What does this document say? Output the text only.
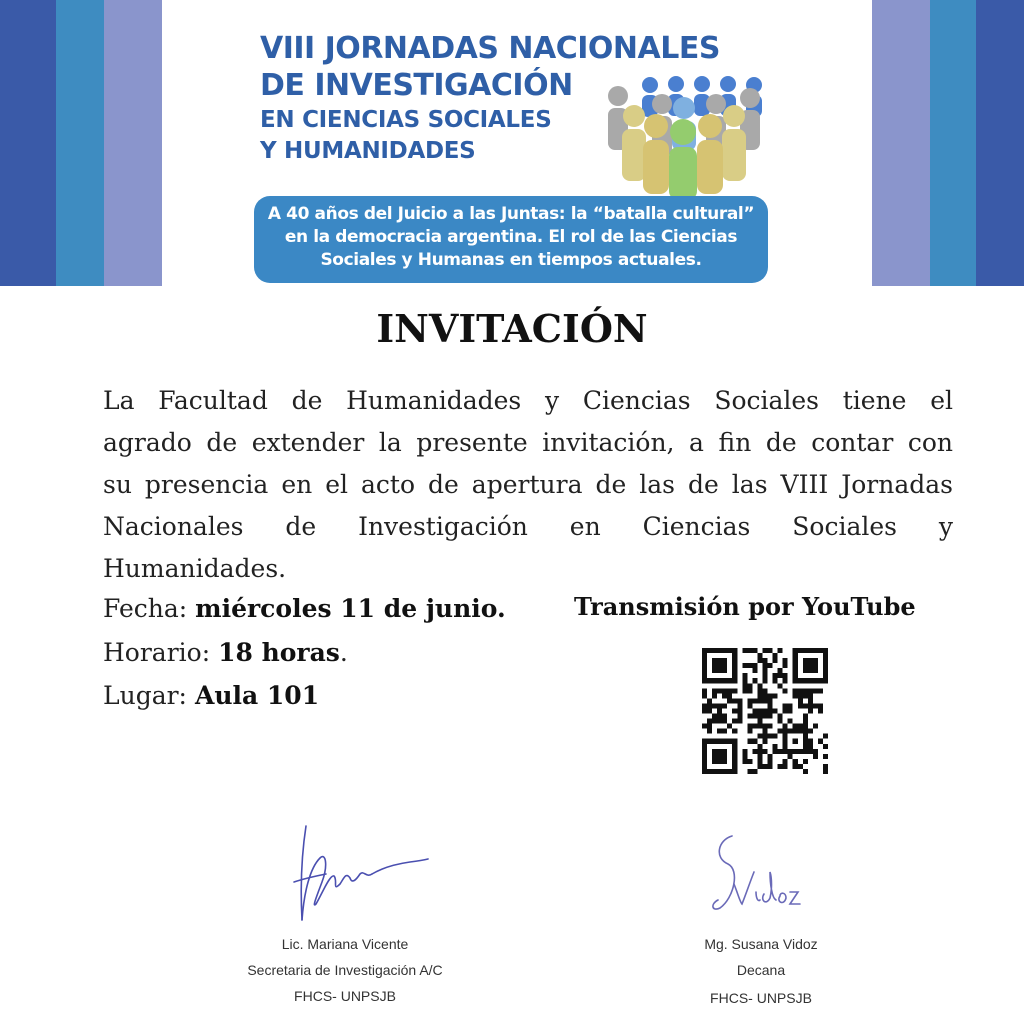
VIII JORNADAS NACIONALES
DE INVESTIGACIÓN
EN CIENCIAS SOCIALES
Y HUMANIDADES
A 40 años del Juicio a las Juntas: la “batalla cultural”
en la democracia argentina. El rol de las Ciencias
Sociales y Humanas en tiempos actuales.
INVITACIÓN
La Facultad de Humanidades y Ciencias Sociales tiene el
agrado de extender la presente invitación, a fin de contar con
su presencia en el acto de apertura de las de las VIII Jornadas
Nacionales de Investigación en Ciencias Sociales y
Humanidades.
Fecha: miércoles 11 de junio.
Horario: 18 horas.
Lugar: Aula 101
Transmisión por YouTube
Lic. Mariana Vicente
Secretaria de Investigación A/C
FHCS- UNPSJB
Mg. Susana Vidoz
Decana
FHCS- UNPSJB
